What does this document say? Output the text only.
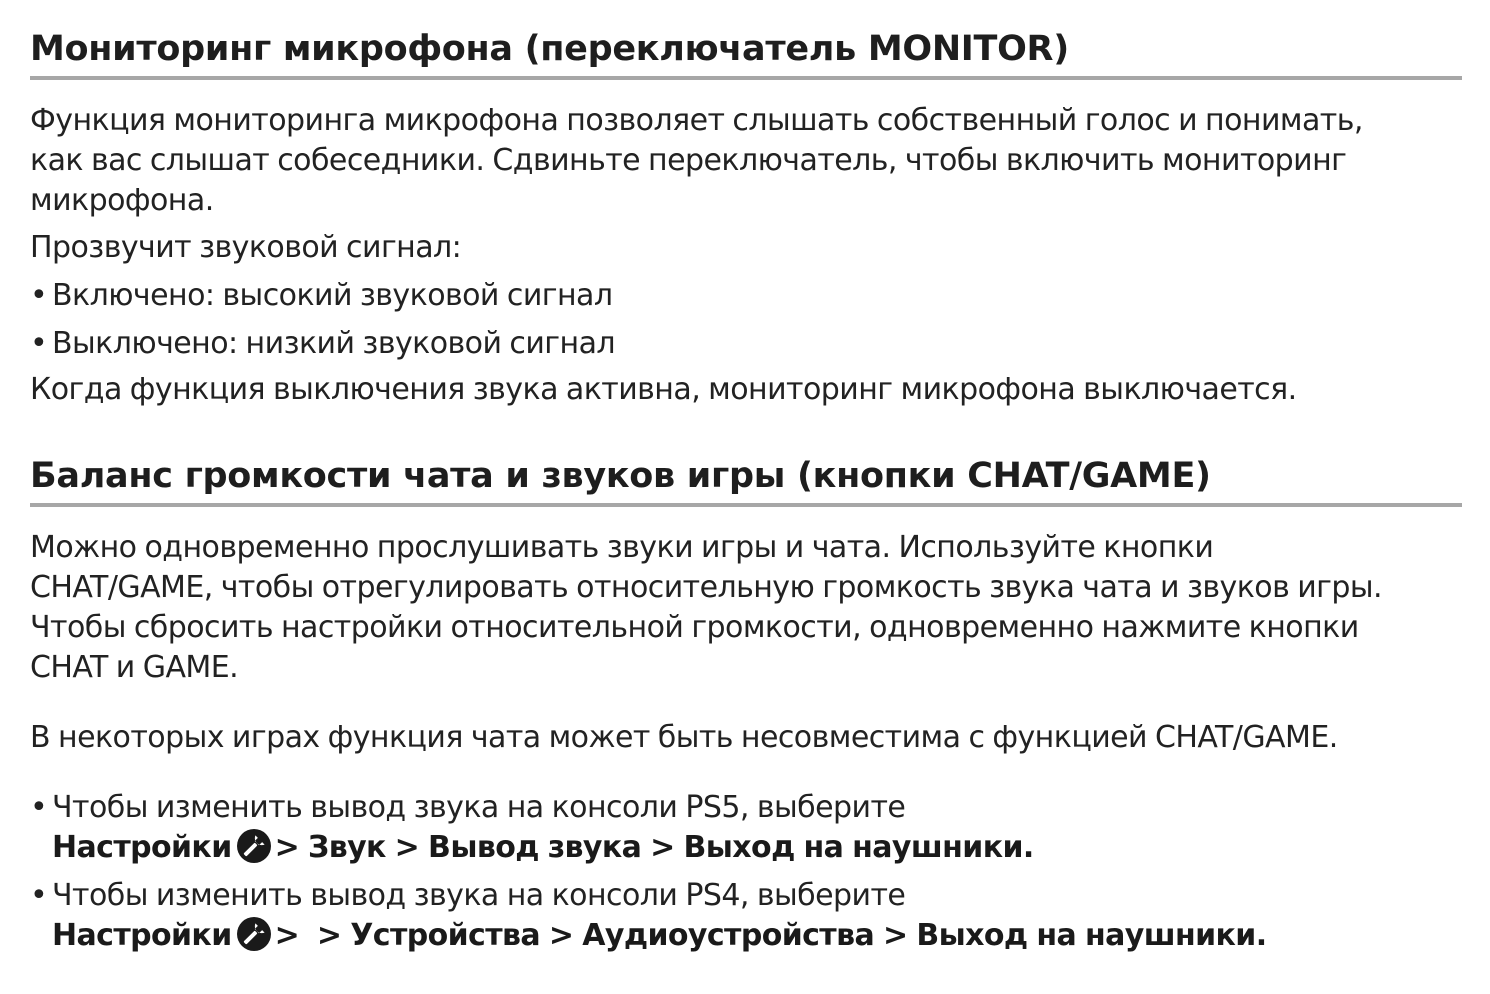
Мониторинг микрофона (переключатель MONITOR)

Функция мониторинга микрофона позволяет слышать собственный голос и понимать,

как вас слышат собеседники. Сдвиньте переключатель, чтобы включить мониторинг

микрофона.

Прозвучит звуковой сигнал:

• Включено: высокий звуковой сигнал

• Выключено: низкий звуковой сигнал

Когда функция выключения звука активна, мониторинг микрофона выключается.

Баланс громкости чата и звуков игры (кнопки CHAT/GAME)

Можно одновременно прослушивать звуки игры и чата. Используйте кнопки

CHAT/GAME, чтобы отрегулировать относительную громкость звука чата и звуков игры.

Чтобы сбросить настройки относительной громкости, одновременно нажмите кнопки

CHAT и GAME.

В некоторых играх функция чата может быть несовместима с функцией CHAT/GAME.

• Чтобы изменить вывод звука на консоли PS5, выберите

Настройки > Звук > Вывод звука > Выход на наушники.

• Чтобы изменить вывод звука на консоли PS4, выберите

Настройки >  > Устройства > Аудиоустройства > Выход на наушники.
